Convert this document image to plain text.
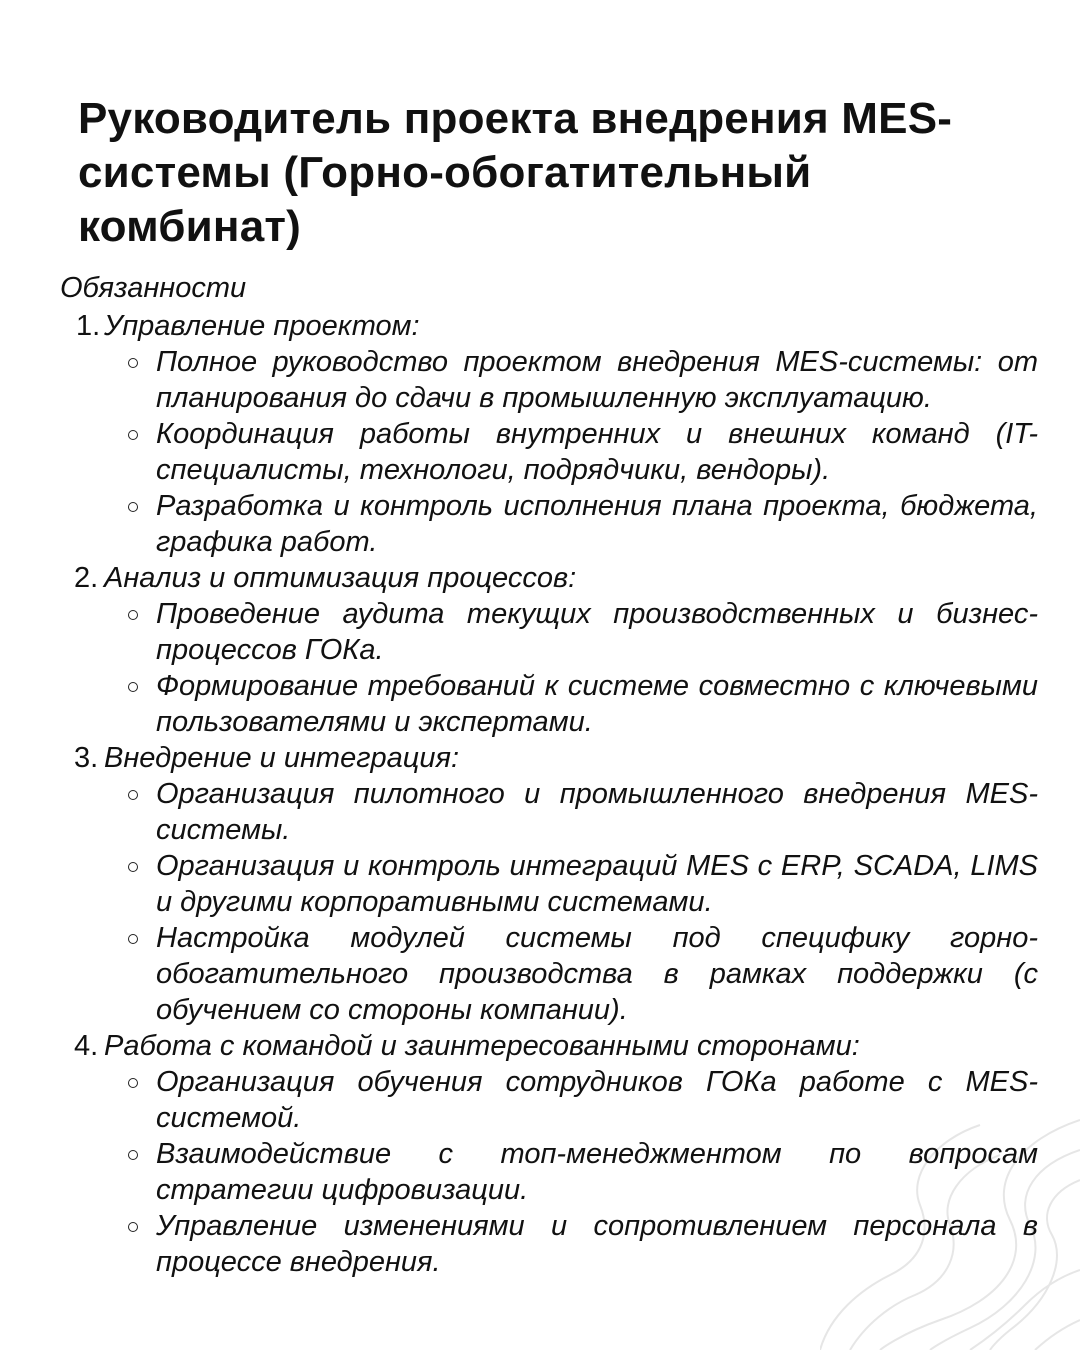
Руководитель проекта внедрения MES-системы (Горно-обогатительный комбинат)
Обязанности
1. Управление проектом:
Полное руководство проектом внедрения MES-системы: от планирования до сдачи в промышленную эксплуатацию.
Координация работы внутренних и внешних команд (IT-специалисты, технологи, подрядчики, вендоры).
Разработка и контроль исполнения плана проекта, бюджета, графика работ.
2. Анализ и оптимизация процессов:
Проведение аудита текущих производственных и бизнес-процессов ГОКа.
Формирование требований к системе совместно с ключевыми пользователями и экспертами.
3. Внедрение и интеграция:
Организация пилотного и промышленного внедрения MES-системы.
Организация и контроль интеграций MES с ERP, SCADA, LIMS и другими корпоративными системами.
Настройка модулей системы под специфику горно-обогатительного производства в рамках поддержки (с обучением со стороны компании).
4. Работа с командой и заинтересованными сторонами:
Организация обучения сотрудников ГОКа работе с MES-системой.
Взаимодействие с топ-менеджментом по вопросам стратегии цифровизации.
Управление изменениями и сопротивлением персонала в процессе внедрения.
